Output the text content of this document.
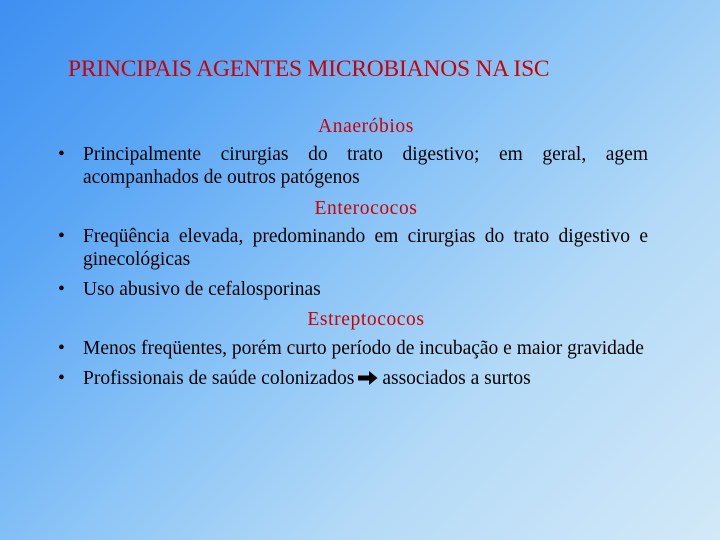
PRINCIPAIS AGENTES MICROBIANOS NA ISC
Anaeróbios
• Principalmente cirurgias do trato digestivo; em geral, agem acompanhados de outros patógenos
Enterococos
• Freqüência elevada, predominando em cirurgias do trato digestivo e ginecológicas
• Uso abusivo de cefalosporinas
Estreptococos
• Menos freqüentes, porém curto período de incubação e maior gravidade
• Profissionais de saúde colonizados associados a surtos
